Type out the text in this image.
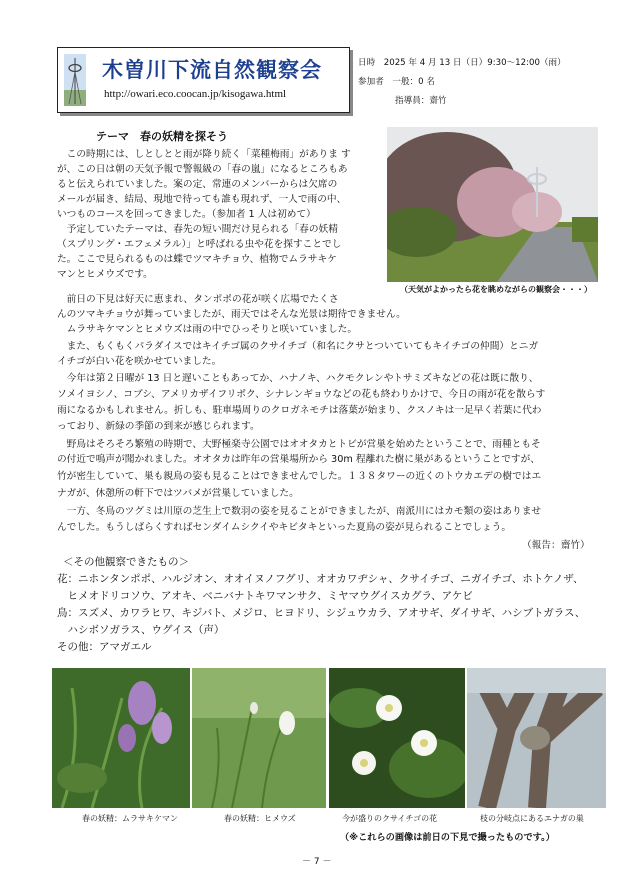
木曽川下流自然観察会
http://owari.eco.coocan.jp/kisogawa.html
日時　2025 年 4 月 13 日（日）9:30～12:00（雨）
参加者　一般：0 名
指導員：齋竹
テーマ　春の妖精を探そう
　この時期には、しとしとと雨が降り続く「菜種梅雨」がありま す
が、この日は朝の天気予報で警報級の「春の嵐」になるところもあ
ると伝えられていました。案の定、常連のメンバーからは欠席の
メールが届き、結局、現地で待っても誰も現れず、一人で雨の中、
いつものコースを回ってきました。（参加者 1 人は初めて）
　予定していたテーマは、春先の短い間だけ見られる「春の妖精
（スプリング・エフェメラル）」と呼ばれる虫や花を探すことでし
た。ここで見られるものは蝶でツマキチョウ、植物でムラサキケ
マンとヒメウズです。
　前日の下見は好天に恵まれ、タンポポの花が咲く広場でたくさ
（天気がよかったら花を眺めながらの観察会・・・）
んのツマキチョウが舞っていましたが、雨天ではそんな光景は期待できません。
　ムラサキケマンとヒメウズは雨の中でひっそりと咲いていました。
　また、もくもくパラダイスではキイチゴ属のクサイチゴ（和名にクサとついていてもキイチゴの仲間）とニガ
イチゴが白い花を咲かせていました。
　今年は第２日曜が 13 日と遅いこともあってか、ハナノキ、ハクモクレンやトサミズキなどの花は既に散り、
ソメイヨシノ、コブシ、アメリカザイフリボク、シナレンギョウなどの花も終わりかけで、今日の雨が花を散らす
雨になるかもしれません。折しも、駐車場周りのクロガネモチは落葉が始まり、クスノキは一足早く若葉に代わ
っており、新緑の季節の到来が感じられます。
　野鳥はそろそろ繁殖の時期で、大野極楽寺公園ではオオタカとトビが営巣を始めたということで、雨種ともそ
の付近で鳴声が聞かれました。オオタカは昨年の営巣場所から 30m 程離れた樹に巣があるということですが、
竹が密生していて、巣も親鳥の姿も見ることはできませんでした。１３８タワーの近くのトウカエデの樹ではエ
ナガが、休憩所の軒下ではツバメが営巣していました。
　一方、冬鳥のツグミは川原の芝生上で数羽の姿を見ることができましたが、南派川にはカモ類の姿はありませ
んでした。もうしばらくすればセンダイムシクイやキビタキといった夏鳥の姿が見られることでしょう。
（報告：齋竹）
＜その他観察できたもの＞
花：ニホンタンポポ、ハルジオン、オオイヌノフグリ、オオカワヂシャ、クサイチゴ、ニガイチゴ、ホトケノザ、
　ヒメオドリコソウ、アオキ、ベニバナトキワマンサク、ミヤマウグイスカグラ、アケビ
鳥：スズメ、カワラヒワ、キジバト、メジロ、ヒヨドリ、シジュウカラ、アオサギ、ダイサギ、ハシブトガラス、
　ハシボソガラス、ウグイス（声）
その他：アマガエル
春の妖精：ムラサキケマン	春の妖精：ヒメウズ	今が盛りのクサイチゴの花	枝の分岐点にあるエナガの巣
（※これらの画像は前日の下見で撮ったものです。）
－ 7 －
